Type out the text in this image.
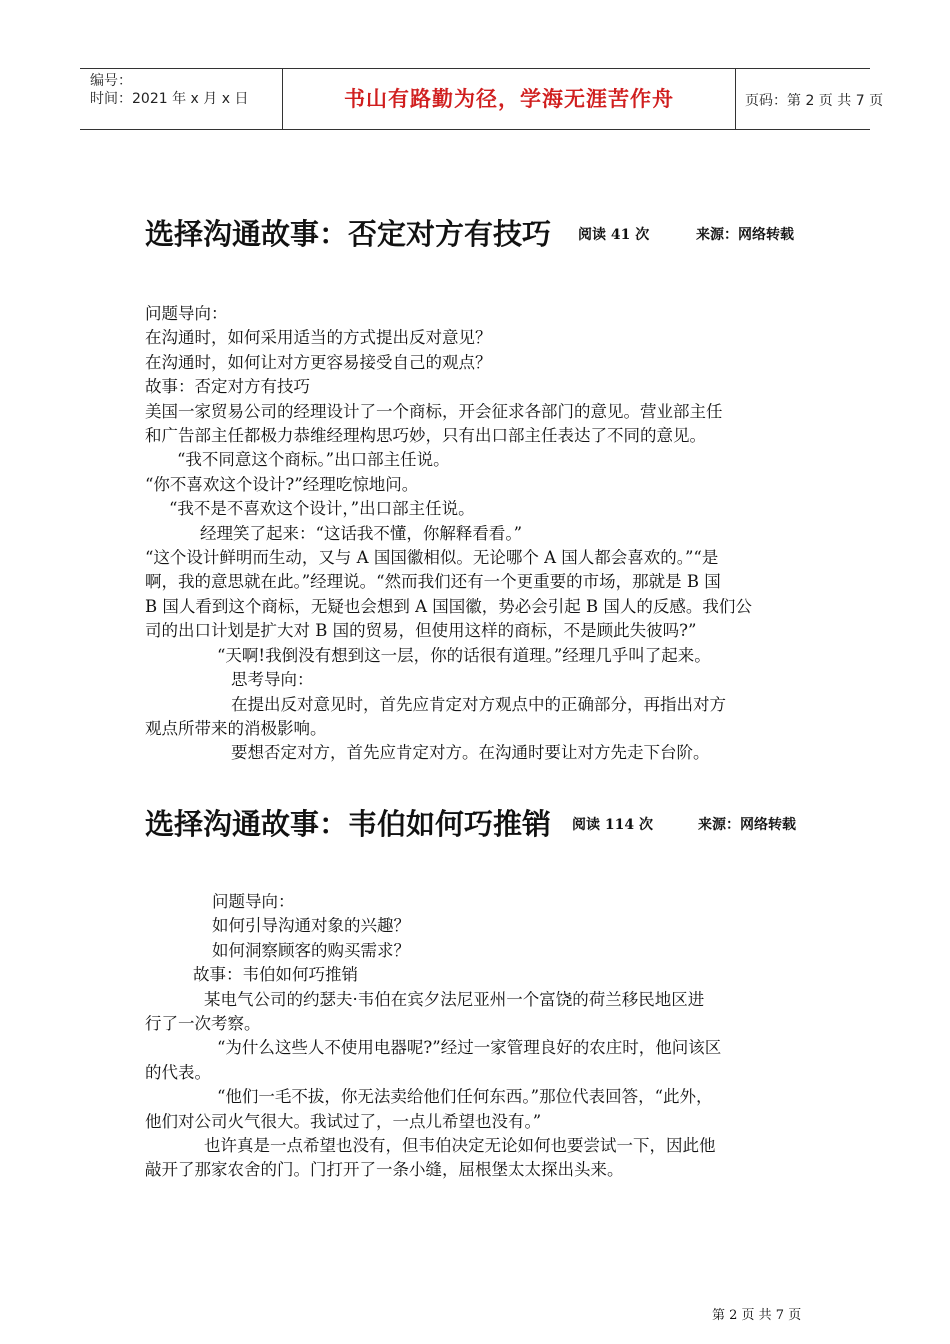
编号：
时间：2021 年 x 月 x 日	书山有路勤为径，学海无涯苦作舟	页码：第 2 页 共 7 页
选择沟通故事：否定对方有技巧 阅读 41 次	来源：网络转载
问题导向：
在沟通时，如何采用适当的方式提出反对意见？
在沟通时，如何让对方更容易接受自己的观点？
故事：否定对方有技巧
美国一家贸易公司的经理设计了一个商标，开会征求各部门的意见。营业部主任
和广告部主任都极力恭维经理构思巧妙，只有出口部主任表达了不同的意见。
“我不同意这个商标。”出口部主任说。
“你不喜欢这个设计?”经理吃惊地问。
“我不是不喜欢这个设计，”出口部主任说。
经理笑了起来：“这话我不懂，你解释看看。”
“这个设计鲜明而生动，又与 A 国国徽相似。无论哪个 A 国人都会喜欢的。”“是
啊，我的意思就在此。”经理说。“然而我们还有一个更重要的市场，那就是 B 国
B 国人看到这个商标，无疑也会想到 A 国国徽，势必会引起 B 国人的反感。我们公
司的出口计划是扩大对 B 国的贸易，但使用这样的商标，不是顾此失彼吗?”
“天啊!我倒没有想到这一层，你的话很有道理。”经理几乎叫了起来。
思考导向：
在提出反对意见时，首先应肯定对方观点中的正确部分，再指出对方
观点所带来的消极影响。
要想否定对方，首先应肯定对方。在沟通时要让对方先走下台阶。
选择沟通故事：韦伯如何巧推销 阅读 114 次	来源：网络转载
问题导向：
如何引导沟通对象的兴趣？
如何洞察顾客的购买需求？
故事：韦伯如何巧推销
某电气公司的约瑟夫·韦伯在宾夕法尼亚州一个富饶的荷兰移民地区进
行了一次考察。
“为什么这些人不使用电器呢?”经过一家管理良好的农庄时，他问该区
的代表。
“他们一毛不拔，你无法卖给他们任何东西。”那位代表回答，“此外，
他们对公司火气很大。我试过了，一点儿希望也没有。”
也许真是一点希望也没有，但韦伯决定无论如何也要尝试一下，因此他
敲开了那家农舍的门。门打开了一条小缝，屈根堡太太探出头来。
第 2 页 共 7 页
